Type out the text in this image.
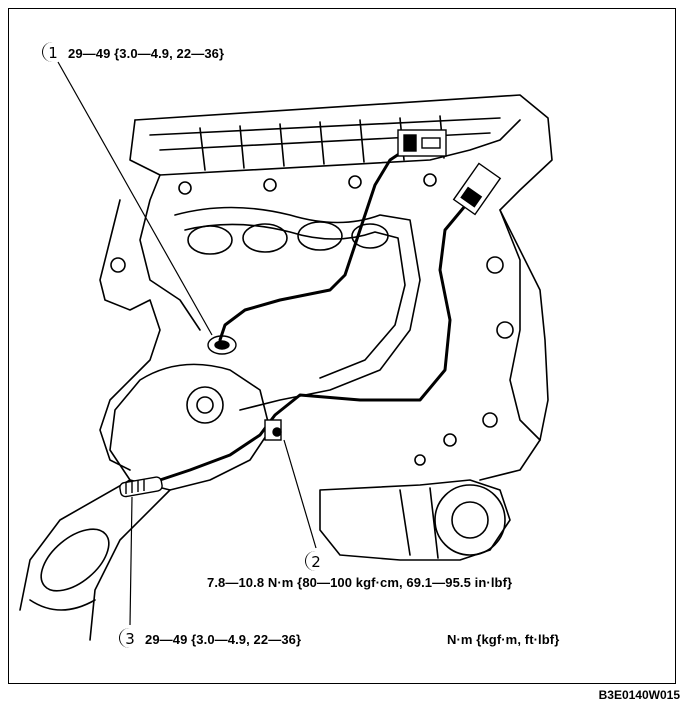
1 29—49 {3.0—4.9, 22—36}
2
7.8—10.8 N·m {80—100 kgf·cm, 69.1—95.5 in·lbf}
3 29—49 {3.0—4.9, 22—36}	N·m {kgf·m, ft·lbf}
B3E0140W015
